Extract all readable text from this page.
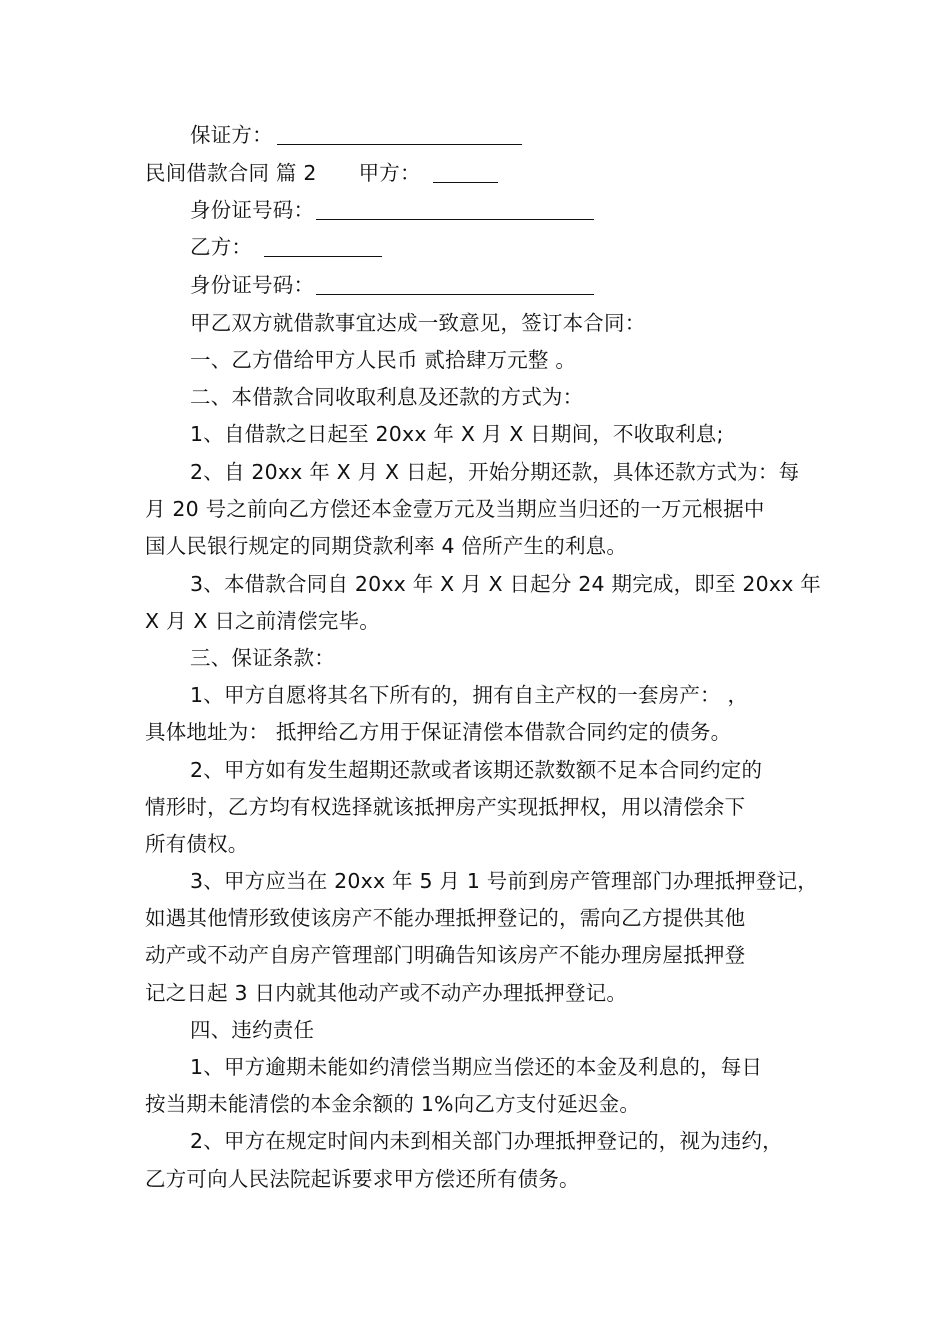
保证方：
民间借款合同 篇 2 甲方：
身份证号码：
乙方：
身份证号码：
甲乙双方就借款事宜达成一致意见，签订本合同：
一、乙方借给甲方人民币 贰拾肆万元整 。
二、本借款合同收取利息及还款的方式为：
1、自借款之日起至 20xx 年 X 月 X 日期间，不收取利息;
2、自 20xx 年 X 月 X 日起，开始分期还款，具体还款方式为：每
月 20 号之前向乙方偿还本金壹万元及当期应当归还的一万元根据中
国人民银行规定的同期贷款利率 4 倍所产生的利息。
3、本借款合同自 20xx 年 X 月 X 日起分 24 期完成，即至 20xx 年
X 月 X 日之前清偿完毕。
三、保证条款：
1、甲方自愿将其名下所有的，拥有自主产权的一套房产： ，
具体地址为： 抵押给乙方用于保证清偿本借款合同约定的债务。
2、甲方如有发生超期还款或者该期还款数额不足本合同约定的
情形时，乙方均有权选择就该抵押房产实现抵押权，用以清偿余下
所有债权。
3、甲方应当在 20xx 年 5 月 1 号前到房产管理部门办理抵押登记，
如遇其他情形致使该房产不能办理抵押登记的，需向乙方提供其他
动产或不动产自房产管理部门明确告知该房产不能办理房屋抵押登
记之日起 3 日内就其他动产或不动产办理抵押登记。
四、违约责任
1、甲方逾期未能如约清偿当期应当偿还的本金及利息的，每日
按当期未能清偿的本金余额的 1%向乙方支付延迟金。
2、甲方在规定时间内未到相关部门办理抵押登记的，视为违约，
乙方可向人民法院起诉要求甲方偿还所有债务。
